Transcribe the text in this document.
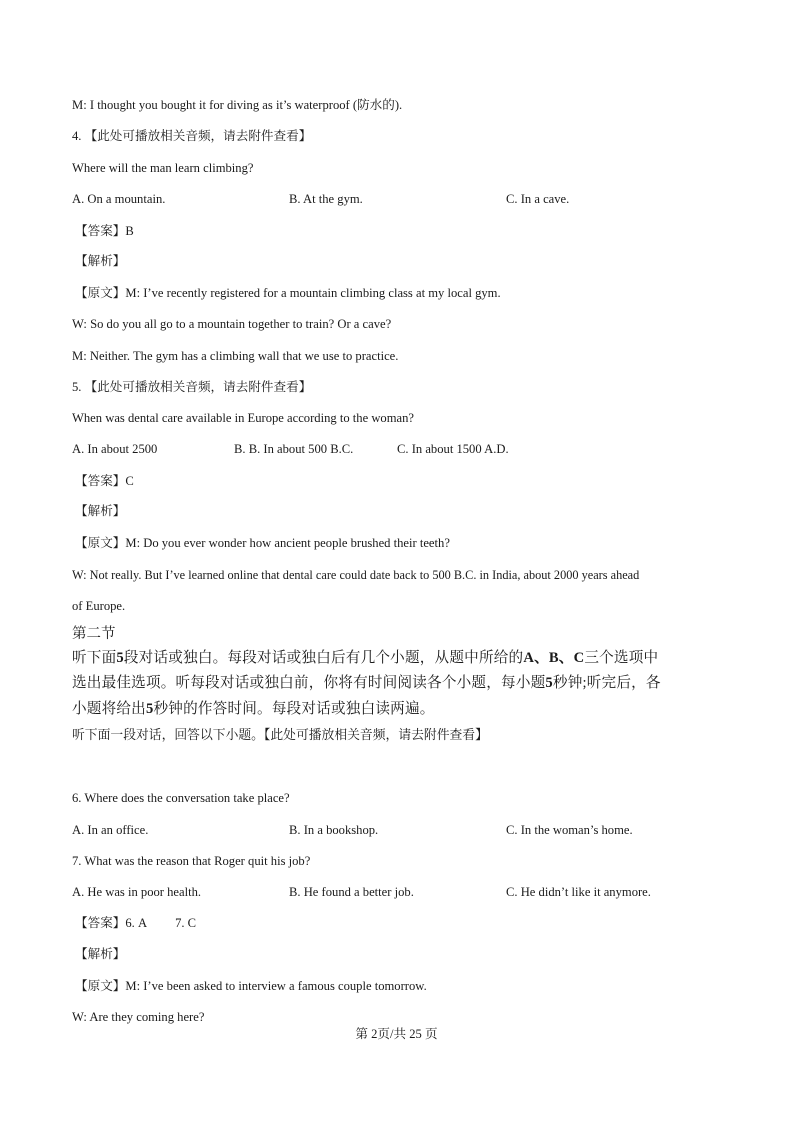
M: I thought you bought it for diving as it’s waterproof (防水的).
4. 【此处可播放相关音频，请去附件查看】
Where will the man learn climbing?
A. On a mountain.	B. At the gym.	C. In a cave.
【答案】B
【解析】
【原文】M: I’ve recently registered for a mountain climbing class at my local gym.
W: So do you all go to a mountain together to train? Or a cave?
M: Neither. The gym has a climbing wall that we use to practice.
5. 【此处可播放相关音频，请去附件查看】
When was dental care available in Europe according to the woman?
A. In about 2500	B. B. In about 500 B.C.	C. In about 1500 A.D.
【答案】C
【解析】
【原文】M: Do you ever wonder how ancient people brushed their teeth?
W: Not really. But I’ve learned online that dental care could date back to 500 B.C. in India, about 2000 years ahead
of Europe.
第二节
听下面5段对话或独白。每段对话或独白后有几个小题，从题中所给的A、B、C三个选项中
选出最佳选项。听每段对话或独白前，你将有时间阅读各个小题，每小题5秒钟;听完后，各
小题将给出5秒钟的作答时间。每段对话或独白读两遍。
听下面一段对话，回答以下小题。【此处可播放相关音频，请去附件查看】
6. Where does the conversation take place?
A. In an office.	B. In a bookshop.	C. In the woman’s home.
7. What was the reason that Roger quit his job?
A. He was in poor health.	B. He found a better job.	C. He didn’t like it anymore.
【答案】6. A 7. C
【解析】
【原文】M: I’ve been asked to interview a famous couple tomorrow.
W: Are they coming here?
第 2页/共 25 页
